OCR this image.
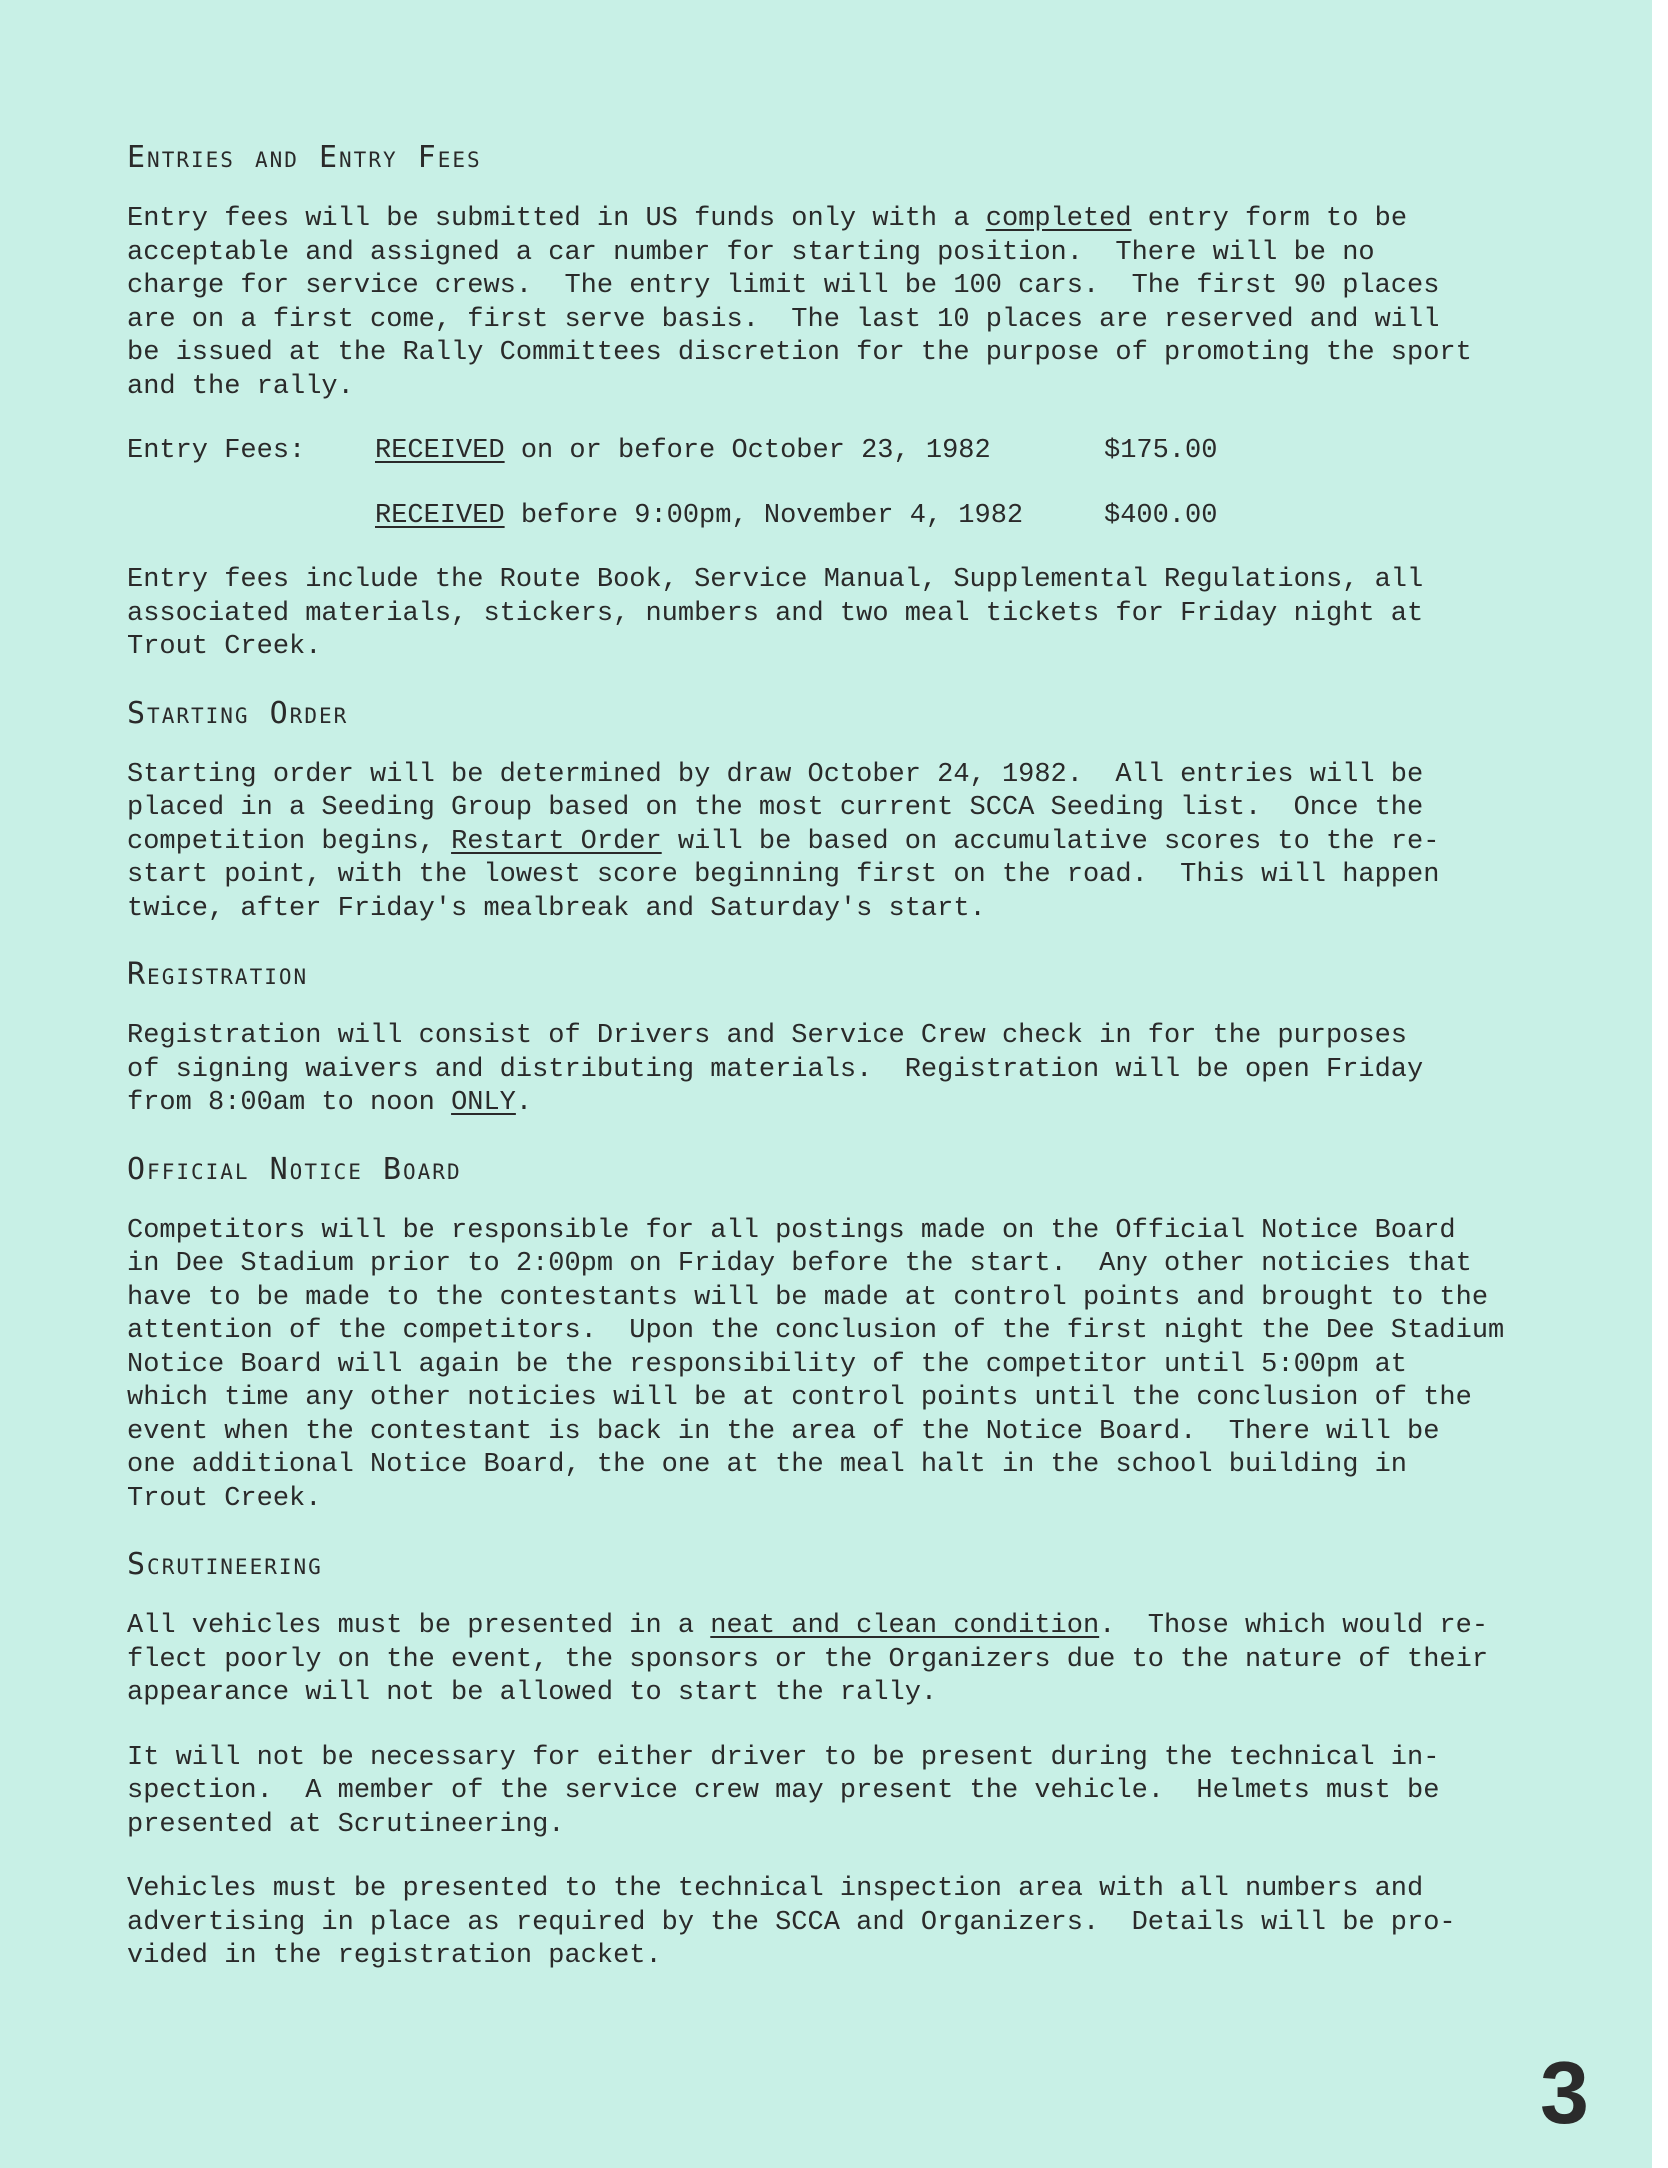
Entries and Entry Fees

Entry fees will be submitted in US funds only with a completed entry form to be
acceptable and assigned a car number for starting position.  There will be no
charge for service crews.  The entry limit will be 100 cars.  The first 90 places
are on a first come, first serve basis.  The last 10 places are reserved and will
be issued at the Rally Committees discretion for the purpose of promoting the sport
and the rally.

Entry Fees:	RECEIVED on or before October 23, 1982	$175.00
RECEIVED before 9:00pm, November 4, 1982	$400.00

Entry fees include the Route Book, Service Manual, Supplemental Regulations, all
associated materials, stickers, numbers and two meal tickets for Friday night at
Trout Creek.

Starting Order

Starting order will be determined by draw October 24, 1982.  All entries will be
placed in a Seeding Group based on the most current SCCA Seeding list.  Once the
competition begins, Restart Order will be based on accumulative scores to the re-
start point, with the lowest score beginning first on the road.  This will happen
twice, after Friday's mealbreak and Saturday's start.

Registration

Registration will consist of Drivers and Service Crew check in for the purposes
of signing waivers and distributing materials.  Registration will be open Friday
from 8:00am to noon ONLY.

Official Notice Board

Competitors will be responsible for all postings made on the Official Notice Board
in Dee Stadium prior to 2:00pm on Friday before the start.  Any other noticies that
have to be made to the contestants will be made at control points and brought to the
attention of the competitors.  Upon the conclusion of the first night the Dee Stadium
Notice Board will again be the responsibility of the competitor until 5:00pm at
which time any other noticies will be at control points until the conclusion of the
event when the contestant is back in the area of the Notice Board.  There will be
one additional Notice Board, the one at the meal halt in the school building in
Trout Creek.

Scrutineering

All vehicles must be presented in a neat and clean condition.  Those which would re-
flect poorly on the event, the sponsors or the Organizers due to the nature of their
appearance will not be allowed to start the rally.

It will not be necessary for either driver to be present during the technical in-
spection.  A member of the service crew may present the vehicle.  Helmets must be
presented at Scrutineering.

Vehicles must be presented to the technical inspection area with all numbers and
advertising in place as required by the SCCA and Organizers.  Details will be pro-
vided in the registration packet.

3
